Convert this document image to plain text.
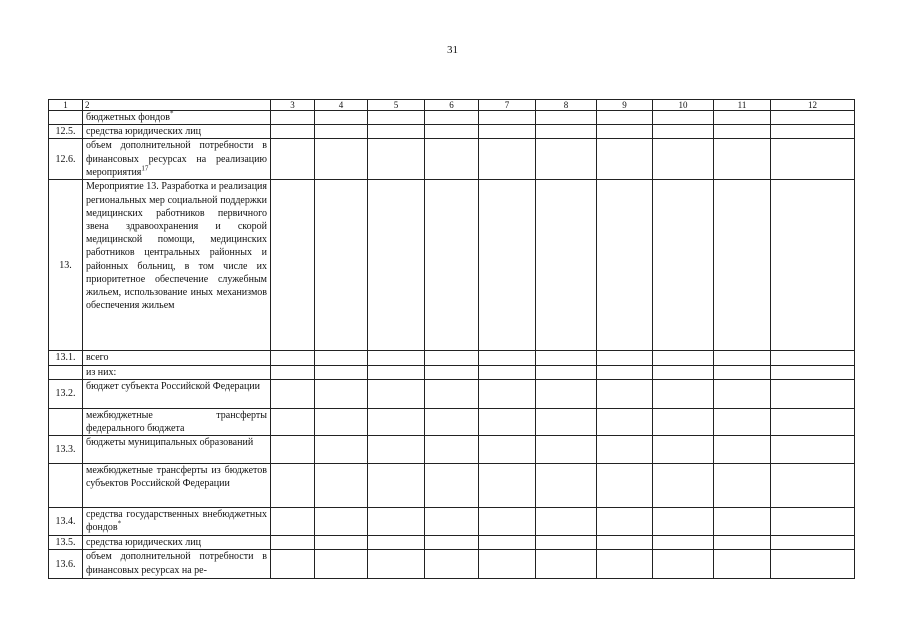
31
1	2	3	4	5	6	7	8	9	10	11	12
	бюджетных фондов*										
12.5.	средства юридических лиц										
12.6.	объем дополнительной потребности в финансовых ресурсах на реализацию мероприятия$^{17}$										
13.	Мероприятие 13. Разработка и реализация региональных мер социальной поддержки медицинских работников первичного звена здравоохранения и скорой медицинской помощи, медицинских работников центральных районных и районных больниц, в том числе их приоритетное обеспечение служебным жильем, использование иных механизмов обеспечения жильем										
13.1.	всего										
	из них:										
13.2.	бюджет субъекта Российской Федерации										
	межбюджетные трансферты федерального бюджета										
13.3.	бюджеты муниципальных образований										
	межбюджетные трансферты из бюджетов субъектов Российской Федерации										
13.4.	средства государственных внебюджетных фондов*										
13.5.	средства юридических лиц										
13.6.	объем дополнительной потребности в финансовых ресурсах на ре-										
